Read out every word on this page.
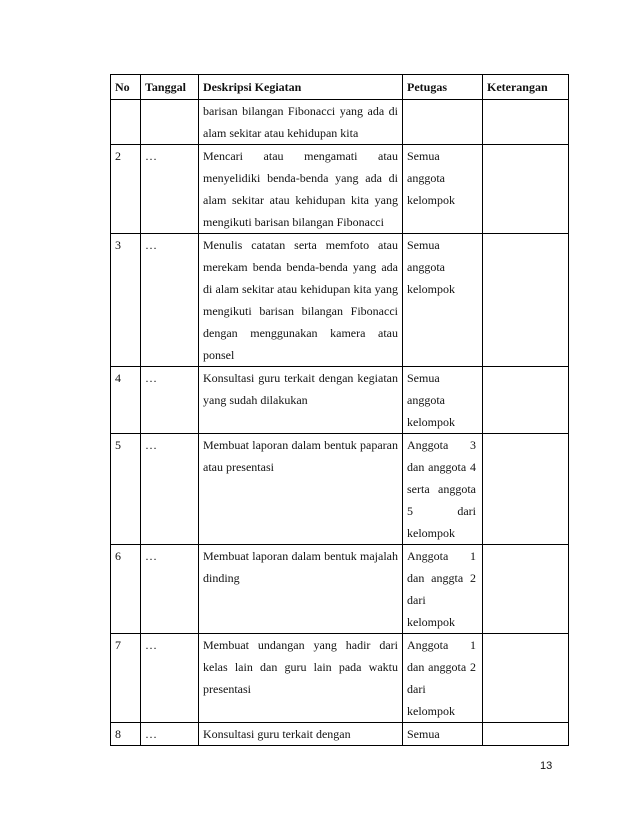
No	Tanggal	Deskripsi Kegiatan	Petugas	Keterangan
		barisan bilangan Fibonacci yang ada di alam sekitar atau kehidupan kita		
2	…	Mencari atau mengamati atau menyelidiki benda-benda yang ada di alam sekitar atau kehidupan kita yang mengikuti barisan bilangan Fibonacci	Semua anggota kelompok	
3	…	Menulis catatan serta memfoto atau merekam benda benda-benda yang ada di alam sekitar atau kehidupan kita yang mengikuti barisan bilangan Fibonacci dengan menggunakan kamera atau ponsel	Semua anggota kelompok	
4	…	Konsultasi guru terkait dengan kegiatan yang sudah dilakukan	Semua anggota kelompok	
5	…	Membuat laporan dalam bentuk paparan atau presentasi	Anggota 3 dan anggota 4 serta anggota 5 dari kelompok	
6	…	Membuat laporan dalam bentuk majalah dinding	Anggota 1 dan anggta 2 dari kelompok	
7	…	Membuat undangan yang hadir dari kelas lain dan guru lain pada waktu presentasi	Anggota 1 dan anggota 2 dari kelompok	
8	…	Konsultasi guru terkait dengan	Semua	
13
